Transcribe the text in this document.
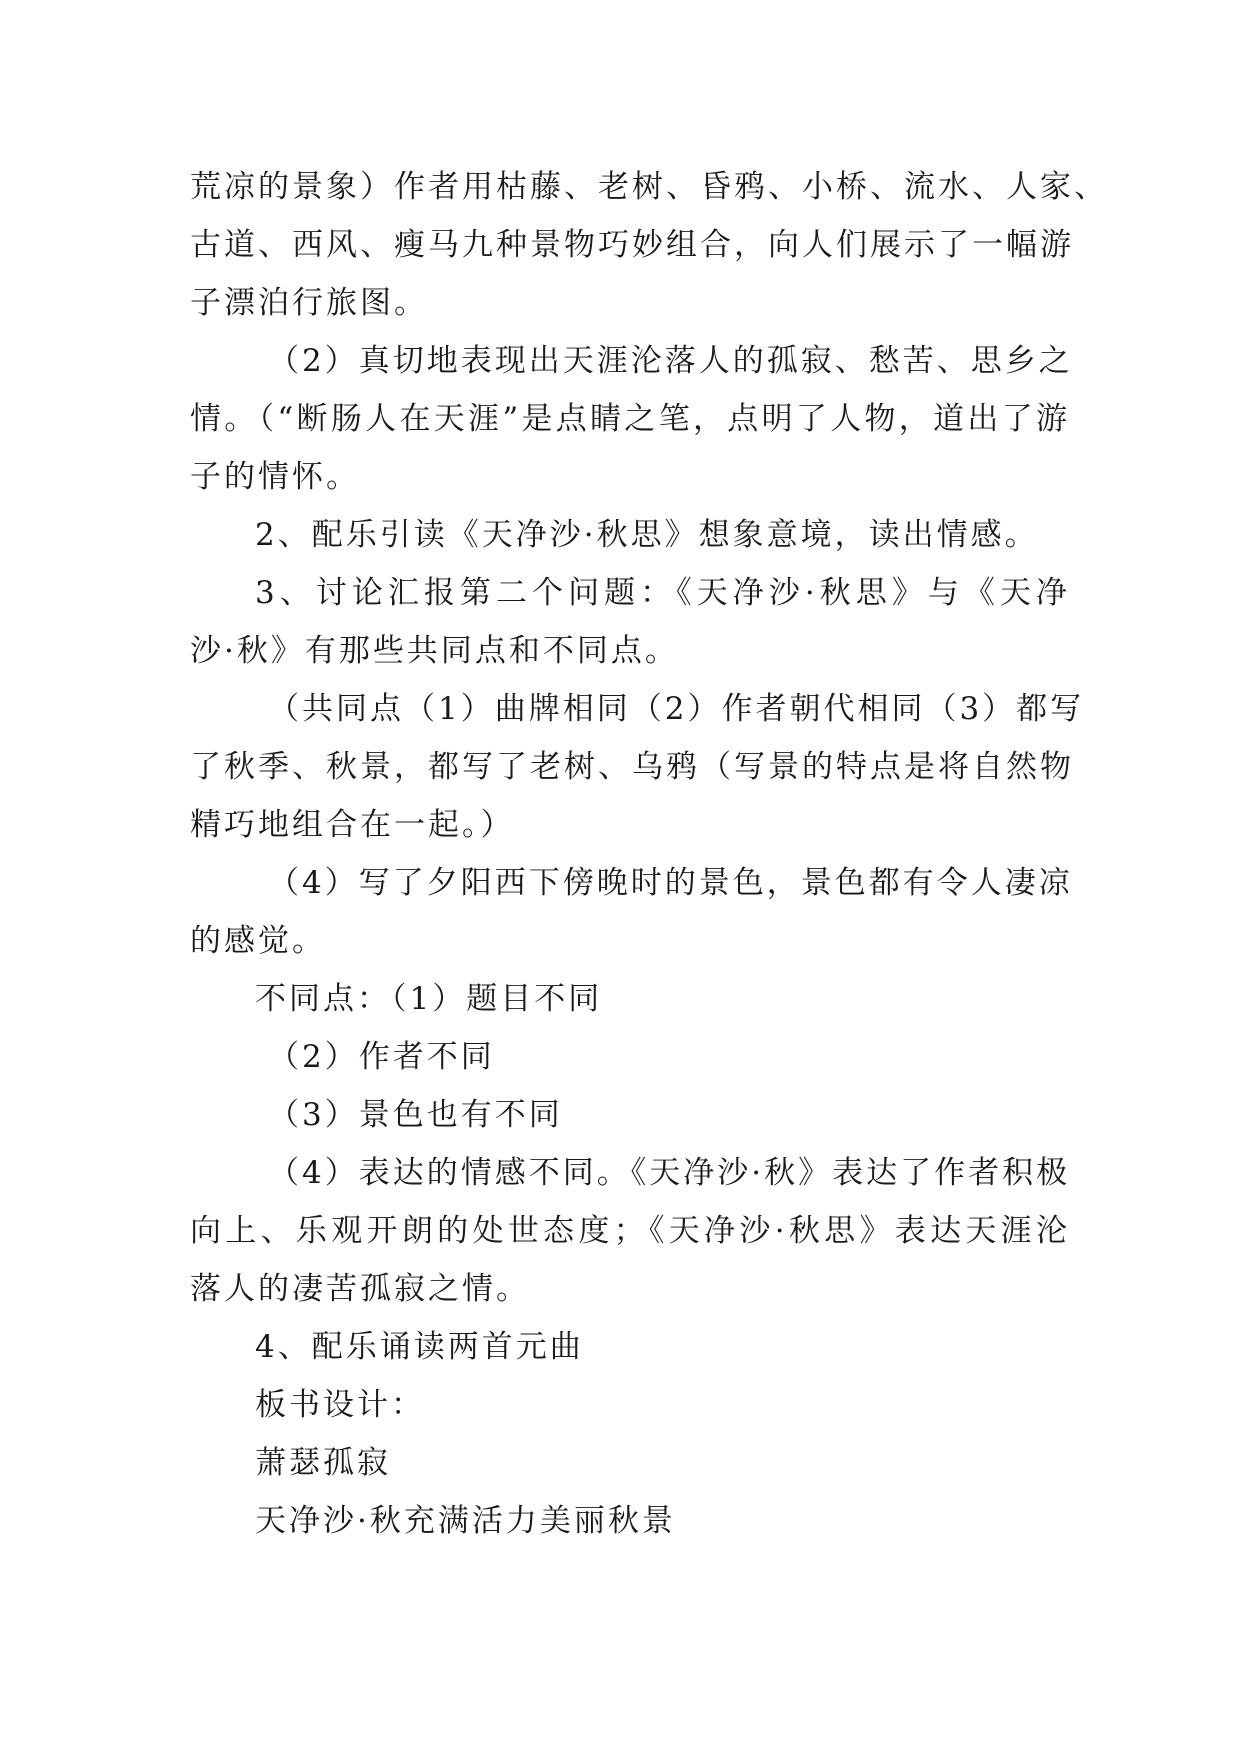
荒凉的景象）作者用枯藤、老树、昏鸦、小桥、流水、人家、
古道、西风、瘦马九种景物巧妙组合，向人们展示了一幅游
子漂泊行旅图。
（2）真切地表现出天涯沦落人的孤寂、愁苦、思乡之
情。（“断肠人在天涯”是点睛之笔，点明了人物，道出了游
子的情怀。
2、配乐引读《天净沙·秋思》想象意境，读出情感。
3、讨论汇报第二个问题：《天净沙·秋思》与《天净
沙·秋》有那些共同点和不同点。
（共同点（1）曲牌相同（2）作者朝代相同（3）都写
了秋季、秋景，都写了老树、乌鸦（写景的特点是将自然物
精巧地组合在一起。）
（4）写了夕阳西下傍晚时的景色，景色都有令人凄凉
的感觉。
不同点：（1）题目不同
（2）作者不同
（3）景色也有不同
（4）表达的情感不同。《天净沙·秋》表达了作者积极
向上、乐观开朗的处世态度；《天净沙·秋思》表达天涯沦
落人的凄苦孤寂之情。
4、配乐诵读两首元曲
板书设计：
萧瑟孤寂
天净沙·秋充满活力美丽秋景
